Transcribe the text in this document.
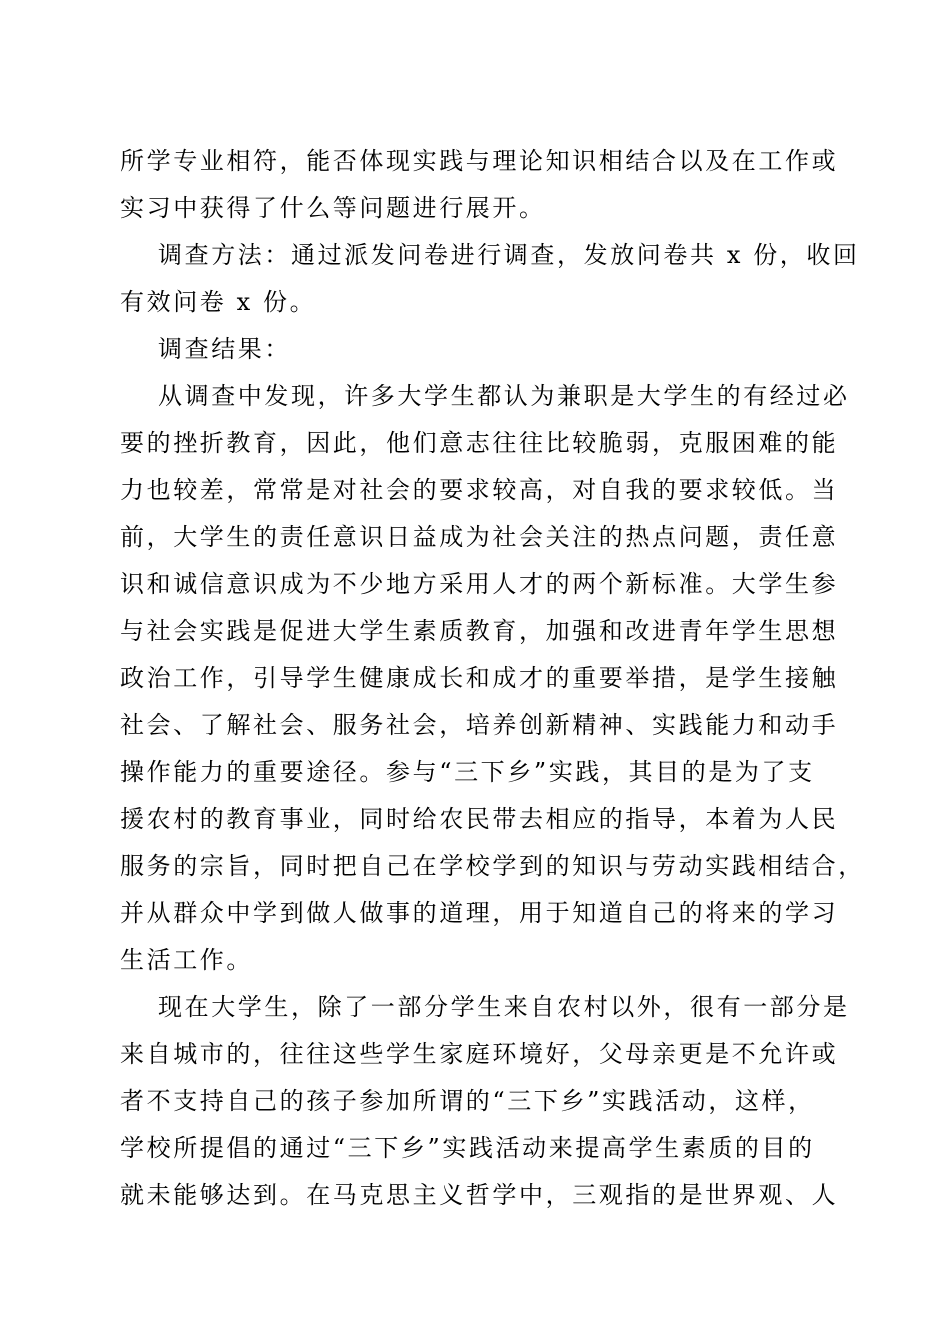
所学专业相符，能否体现实践与理论知识相结合以及在工作或
实习中获得了什么等问题进行展开。
调查方法：通过派发问卷进行调查，发放问卷共 x 份，收回
有效问卷 x 份。
调查结果：
从调查中发现，许多大学生都认为兼职是大学生的有经过必
要的挫折教育，因此，他们意志往往比较脆弱，克服困难的能
力也较差，常常是对社会的要求较高，对自我的要求较低。当
前，大学生的责任意识日益成为社会关注的热点问题，责任意
识和诚信意识成为不少地方采用人才的两个新标准。大学生参
与社会实践是促进大学生素质教育，加强和改进青年学生思想
政治工作，引导学生健康成长和成才的重要举措，是学生接触
社会、了解社会、服务社会，培养创新精神、实践能力和动手
操作能力的重要途径。参与“三下乡”实践，其目的是为了支
援农村的教育事业，同时给农民带去相应的指导，本着为人民
服务的宗旨，同时把自己在学校学到的知识与劳动实践相结合，
并从群众中学到做人做事的道理，用于知道自己的将来的学习
生活工作。
现在大学生，除了一部分学生来自农村以外，很有一部分是
来自城市的，往往这些学生家庭环境好，父母亲更是不允许或
者不支持自己的孩子参加所谓的“三下乡”实践活动，这样，
学校所提倡的通过“三下乡”实践活动来提高学生素质的目的
就未能够达到。在马克思主义哲学中，三观指的是世界观、人
